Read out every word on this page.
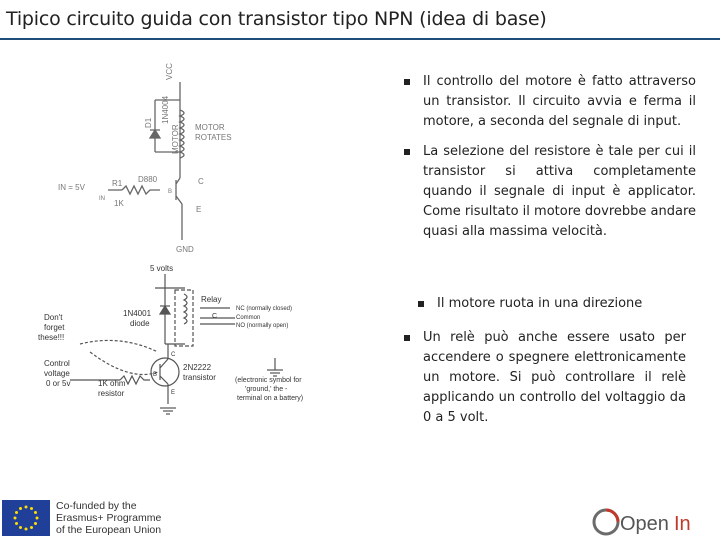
Tipico circuito guida con transistor tipo NPN (idea di base)
VCC
D1 1N4004
MOTOR MOTOR
ROTATES
IN = 5V
IN
R1
1K
D880
B
C
E
GND
5 volts
Relay
NC (normally closed)
Common
NO (normally open)
C
1N4001
diode
Don't
forget
these!!!
Control
voltage
0 or 5v	1K ohm
resistor
B
C
E
2N2222
transistor	(electronic symbol for
'ground,' the -
terminal on a battery)
Il controllo del motore è fatto attraverso un transistor. Il circuito avvia e ferma il motore, a seconda del segnale di input.
La selezione del resistore è tale per cui il transistor si attiva completamente quando il segnale di input è applicator. Come risultato il motore dovrebbe andare quasi alla massima velocità.
Il motore ruota in una direzione
Un relè può anche essere usato per accendere o spegnere elettronicamente un motore. Si può controllare il relè applicando un controllo del voltaggio da 0 a 5 volt.
Co-funded by the
Erasmus+ Programme
of the European Union	Open In
